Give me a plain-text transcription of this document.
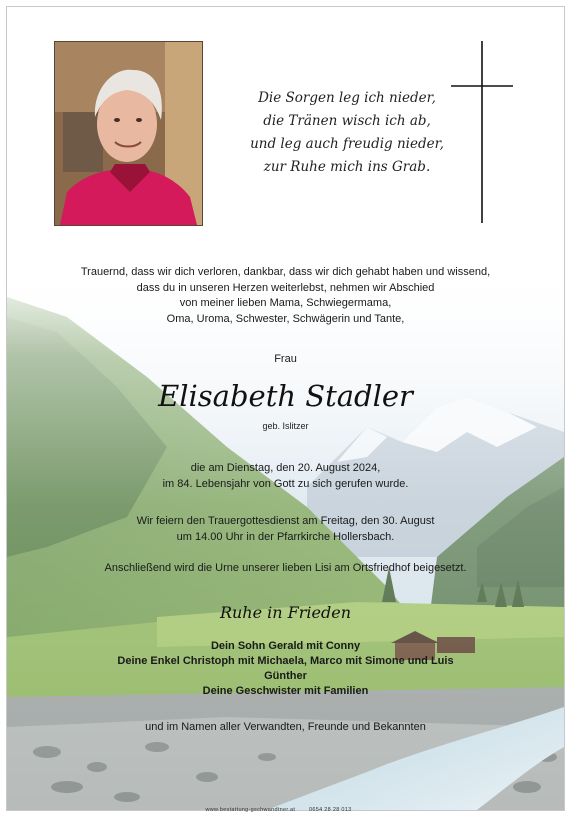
Die Sorgen leg ich nieder,
die Tränen wisch ich ab,
und leg auch freudig nieder,
zur Ruhe mich ins Grab.
Trauernd, dass wir dich verloren, dankbar, dass wir dich gehabt haben und wissend,
dass du in unseren Herzen weiterlebst, nehmen wir Abschied
von meiner lieben Mama, Schwiegermama,
Oma, Uroma, Schwester, Schwägerin und Tante,
Frau
Elisabeth Stadler
geb. Islitzer
die am Dienstag, den 20. August 2024,
im 84. Lebensjahr von Gott zu sich gerufen wurde.
Wir feiern den Trauergottesdienst am Freitag, den 30. August
um 14.00 Uhr in der Pfarrkirche Hollersbach.
Anschließend wird die Urne unserer lieben Lisi am Ortsfriedhof beigesetzt.
Ruhe in Frieden
Dein Sohn Gerald mit Conny
Deine Enkel Christoph mit Michaela, Marco mit Simone und Luis
Günther
Deine Geschwister mit Familien
und im Namen aller Verwandten, Freunde und Bekannten
www.bestattung-gschwandtner.at	0654 28 28 013
